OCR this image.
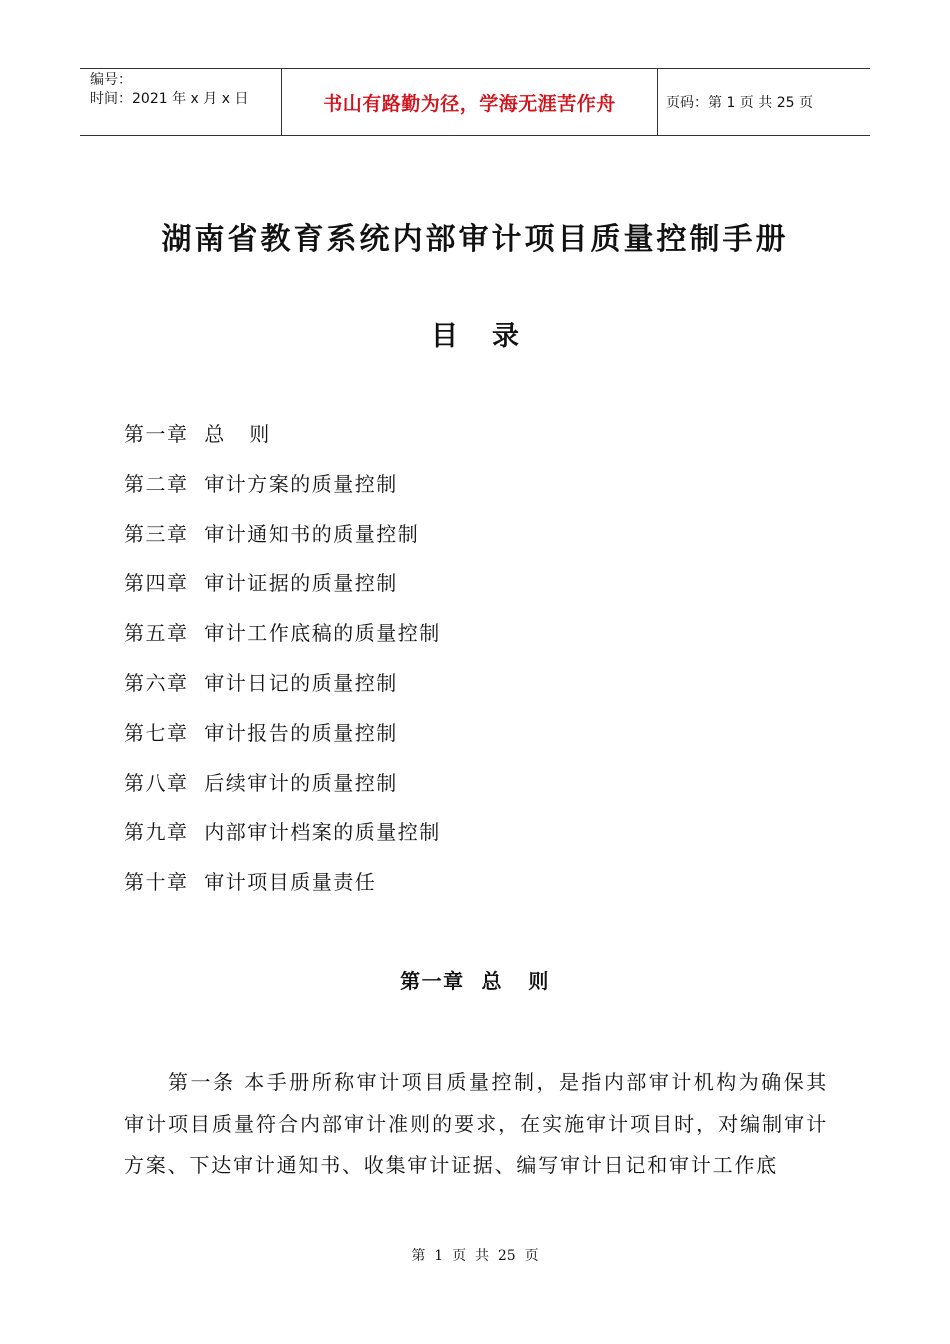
编号：
时间：2021 年 x 月 x 日	书山有路勤为径，学海无涯苦作舟	页码：第 1 页 共 25 页
湖南省教育系统内部审计项目质量控制手册
目录
第一章  总   则
第二章  审计方案的质量控制
第三章  审计通知书的质量控制
第四章  审计证据的质量控制
第五章  审计工作底稿的质量控制
第六章  审计日记的质量控制
第七章  审计报告的质量控制
第八章  后续审计的质量控制
第九章  内部审计档案的质量控制
第十章  审计项目质量责任
第一章  总   则

第一条 本手册所称审计项目质量控制，是指内部审计机构为确保其审计项目质量符合内部审计准则的要求，在实施审计项目时，对编制审计方案、下达审计通知书、收集审计证据、编写审计日记和审计工作底

第  1  页  共  25  页
